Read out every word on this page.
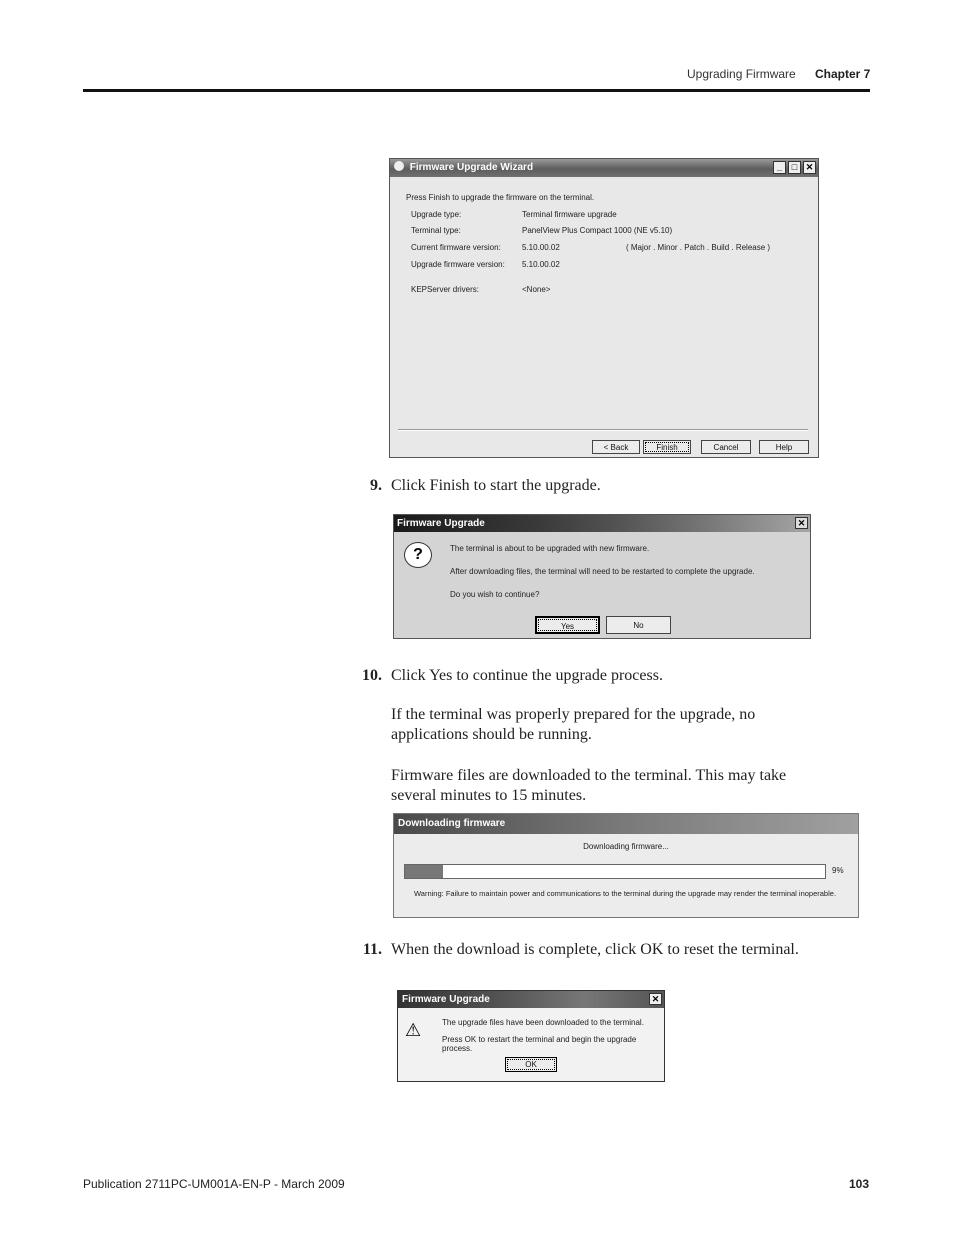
Upgrading Firmware Chapter 7
Firmware Upgrade Wizard	_	□ ✕
Press Finish to upgrade the firmware on the terminal.
Upgrade type:	Terminal firmware upgrade
Terminal type:	PanelView Plus Compact 1000 (NE v5.10)
Current firmware version:	5.10.00.02	( Major . Minor . Patch . Build . Release )
Upgrade firmware version: 5.10.00.02
KEPServer drivers:	<None>
< Back	Finish	Cancel	Help
9. Click Finish to start the upgrade.
Firmware Upgrade	✕
?	The terminal is about to be upgraded with new firmware.
After downloading files, the terminal will need to be restarted to complete the upgrade.
Do you wish to continue?
Yes	No
10. Click Yes to continue the upgrade process.
If the terminal was properly prepared for the upgrade, no
applications should be running.
Firmware files are downloaded to the terminal. This may take
several minutes to 15 minutes.
Downloading firmware
Downloading firmware...
9%
Warning: Failure to maintain power and communications to the terminal during the upgrade may render the terminal inoperable.
11. When the download is complete, click OK to reset the terminal.
Firmware Upgrade	✕
⚠	The upgrade files have been downloaded to the terminal.
Press OK to restart the terminal and begin the upgrade process.
OK
Publication 2711PC-UM001A-EN-P - March 2009	103
